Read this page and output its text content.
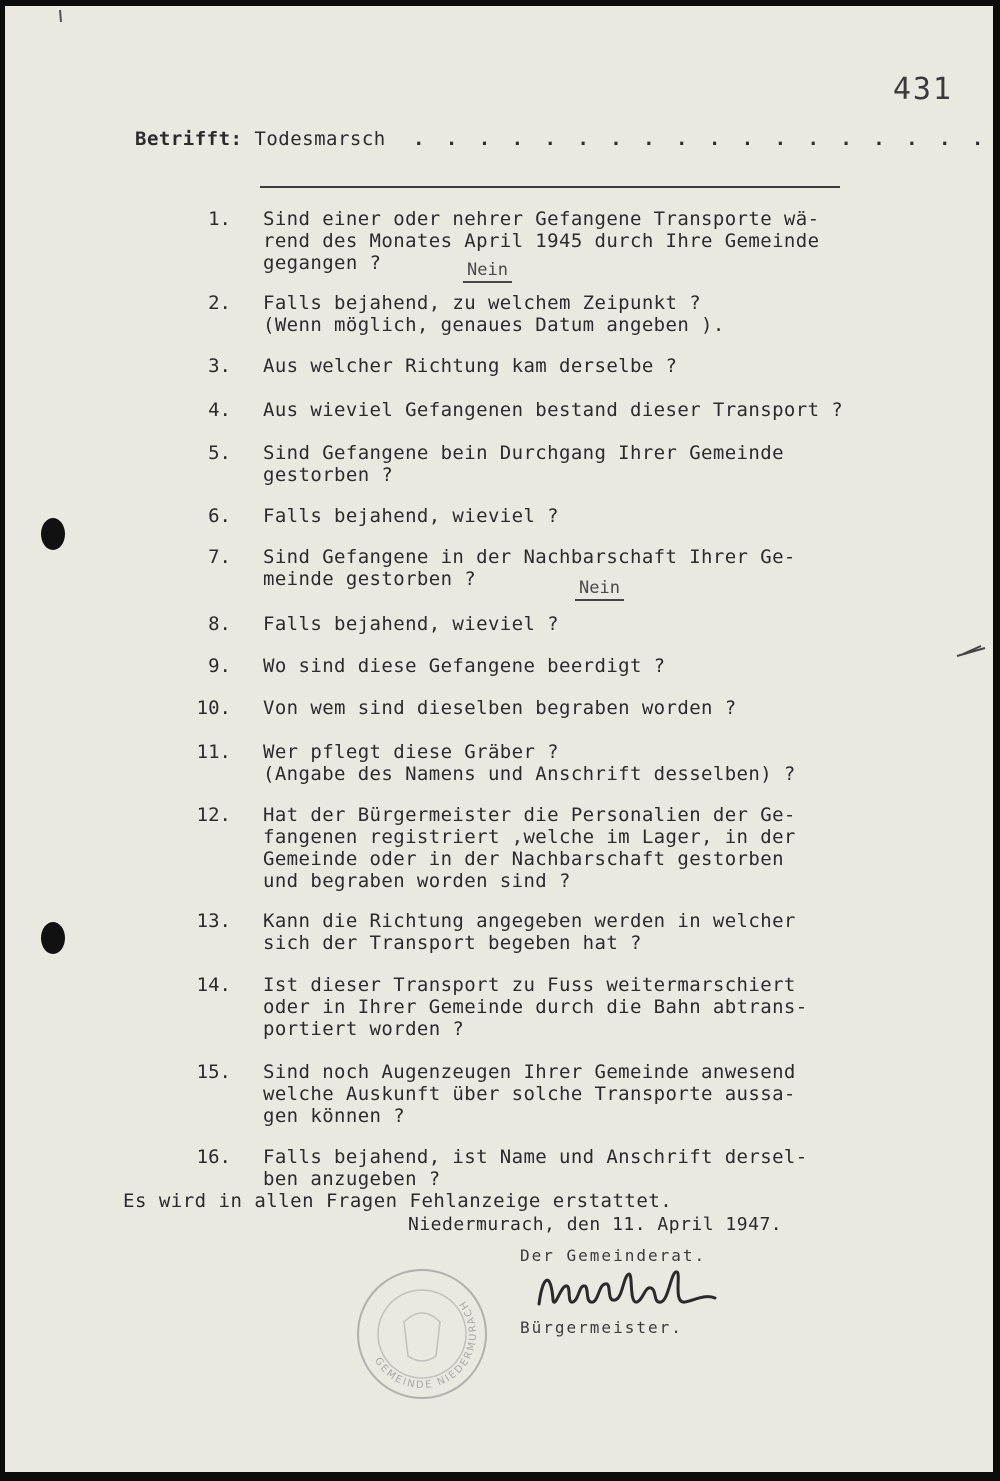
431
Betrifft: Todesmarsch . . . . . . . . . . . . . . . . . .
1. Sind einer oder nehrer Gefangene Transporte wä-
rend des Monates April 1945 durch Ihre Gemeinde
gegangen ?	Nein
2. Falls bejahend, zu welchem Zeipunkt ?
(Wenn möglich, genaues Datum angeben ).
3. Aus welcher Richtung kam derselbe ?
4. Aus wieviel Gefangenen bestand dieser Transport ?
5. Sind Gefangene bein Durchgang Ihrer Gemeinde
gestorben ?
6. Falls bejahend, wieviel ?
7. Sind Gefangene in der Nachbarschaft Ihrer Ge-
meinde gestorben ?	Nein
8. Falls bejahend, wieviel ?
9. Wo sind diese Gefangene beerdigt ?
10. Von wem sind dieselben begraben worden ?
11. Wer pflegt diese Gräber ?
(Angabe des Namens und Anschrift desselben) ?
12. Hat der Bürgermeister die Personalien der Ge-
fangenen registriert ,welche im Lager, in der
Gemeinde oder in der Nachbarschaft gestorben
und begraben worden sind ?
13. Kann die Richtung angegeben werden in welcher
sich der Transport begeben hat ?
14. Ist dieser Transport zu Fuss weitermarschiert
oder in Ihrer Gemeinde durch die Bahn abtrans-
portiert worden ?
15. Sind noch Augenzeugen Ihrer Gemeinde anwesend
welche Auskunft über solche Transporte aussa-
gen können ?
16. Falls bejahend, ist Name und Anschrift dersel-
ben anzugeben ?
Es wird in allen Fragen Fehlanzeige erstattet.
Niedermurach, den 11. April 1947.
Der Gemeinderat.
GEMEINDE NIEDERMURACH
Bürgermeister.
